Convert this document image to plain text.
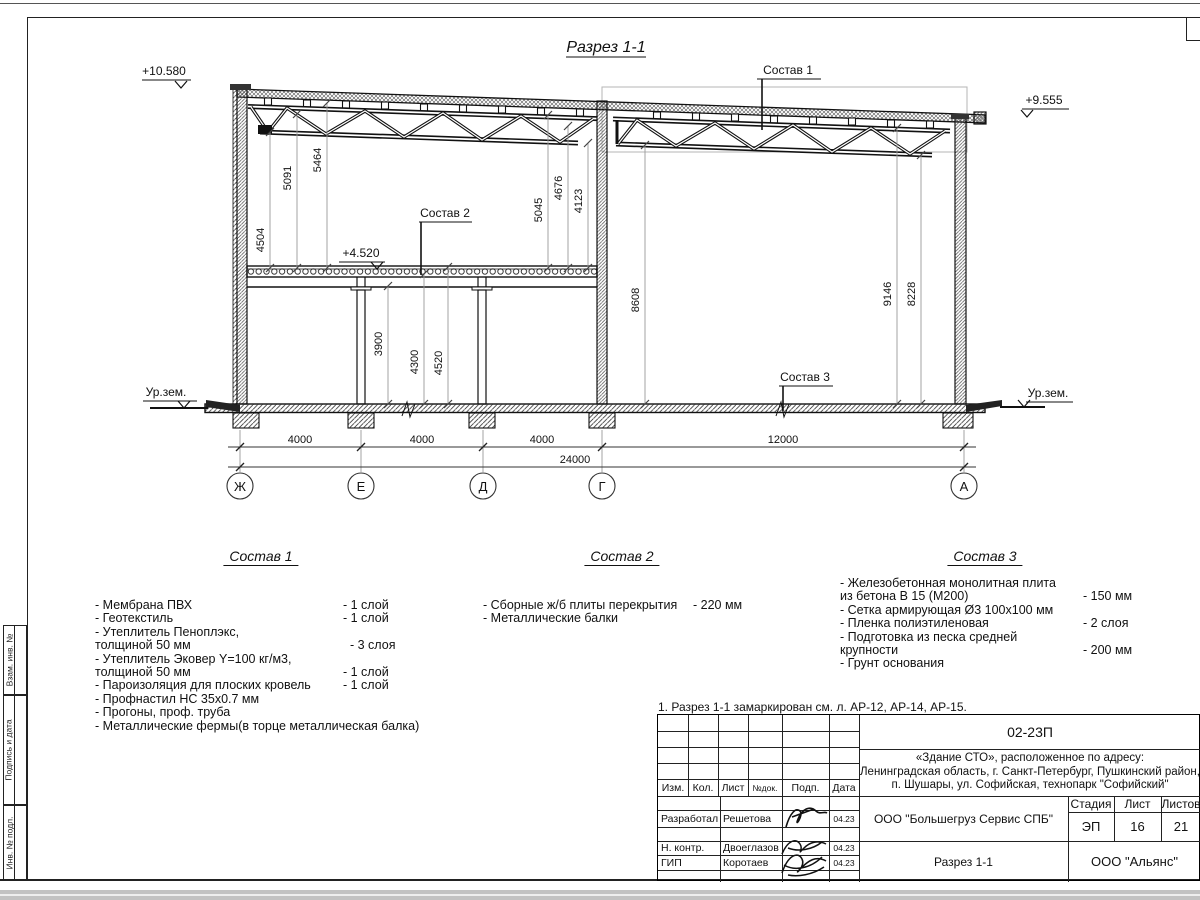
Взам. инв. №
Подпись и дата
Инв. № подл.
Разрез 1-1
4504
5091
5464
5045
4676
4123
3900
4300 4520
8608	9146 8228
Состав 1
Состав 2
Состав 3
+10.580
+9.555
+4.520
Ур.зем.	Ур.зем.
4000	4000	4000	12000
24000
Ж	Е	Д	Г	А
Состав 1
- Мембрана ПВХ	- 1 слой
- Геотекстиль	- 1 слой
- Утеплитель Пеноплэкс,
толщиной 50 мм	- 3 слоя
- Утеплитель Эковер Y=100 кг/м3,
толщиной 50 мм	- 1 слой
- Пароизоляция для плоских кровель	- 1 слой
- Профнастил НС 35х0.7 мм
- Прогоны, проф. труба
- Металлические фермы(в торце металлическая балка)
Состав 2
- Сборные ж/б плиты перекрытия - 220 мм
- Металлические балки
Состав 3
- Железобетонная монолитная плита
из бетона В 15 (М200)	- 150 мм
- Сетка армирующая Ø3 100х100 мм
- Пленка полиэтиленовая	- 2 слоя
- Подготовка из песка средней
крупности	- 200 мм
- Грунт основания
1. Разрез 1-1 замаркирован см. л. АР-12, АР-14, АР-15.
Изм. Кол. Лист №док.	Подп.	Дата
Разработал Решетова	04.23
Н. контр.	Двоеглазов	04.23
ГИП	Коротаев	04.23
02-23П
«Здание СТО», расположенное по адресу:
Ленинградская область, г. Санкт-Петербург, Пушкинский район,
п. Шушары, ул. Софийская, технопарк "Софийский"
ООО "Большегруз Сервис СПБ"
Разрез 1-1
Стадия	Лист Листов
ЭП	16	21
ООО "Альянс"
